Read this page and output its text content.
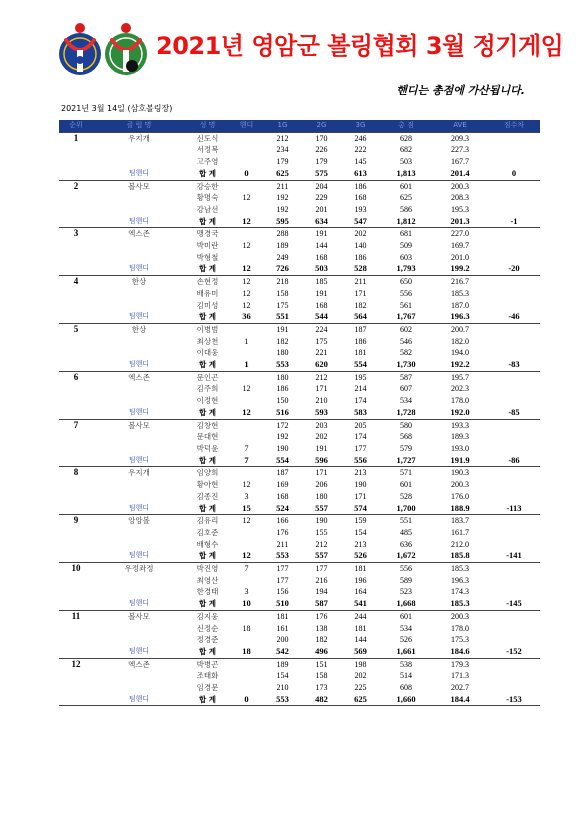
2021년 영암군 볼링협회 3월 정기게임
핸디는 총점에 가산됩니다.
2021년 3월 14일 (삼호볼링장)
순위	클 럽 명	성 명	핸디	1G	2G	3G	총 점	AVE	점수차
1	우지개	신도식		212	170	246	628	209.3	
		서정복		234	226	222	682	227.3	
		고주영		179	179	145	503	167.7	
	팀핸디	합 계	0	625	575	613	1,813	201.4	0
2	볼사모	강승한		211	204	186	601	200.3	
		황명숙	12	192	229	168	625	208.3	
		강남선		192	201	193	586	195.3	
	팀핸디	합 계	12	595	634	547	1,812	201.3	-1
3	엑스존	맹경국		288	191	202	681	227.0	
		박미란	12	189	144	140	509	169.7	
		박형철		249	168	186	603	201.0	
	팀핸디	합 계	12	726	503	528	1,793	199.2	-20
4	한상	손현정	12	218	185	211	650	216.7	
		배유미	12	158	191	171	556	185.3	
		김미성	12	175	168	182	561	187.0	
	팀핸디	합 계	36	551	544	564	1,767	196.3	-46
5	한상	이병범		191	224	187	602	200.7	
		최상천	1	182	175	186	546	182.0	
		이대웅		180	221	181	582	194.0	
	팀핸디	합 계	1	553	620	554	1,730	192.2	-83
6	엑스존	문인곤		180	212	195	587	195.7	
		김주희	12	186	171	214	607	202.3	
		이정현		150	210	174	534	178.0	
	팀핸디	합 계	12	516	593	583	1,728	192.0	-85
7	볼사모	김창현		172	203	205	580	193.3	
		문대현		192	202	174	568	189.3	
		박덕윤	7	190	191	177	579	193.0	
	팀핸디	합 계	7	554	596	556	1,727	191.9	-86
8	우지개	임양희		187	171	213	571	190.3	
		황아현	12	169	206	190	601	200.3	
		김종진	3	168	180	171	528	176.0	
	팀핸디	합 계	15	524	557	574	1,700	188.9	-113
9	앙앙볼	김유리	12	166	190	159	551	183.7	
		김호준		176	155	154	485	161.7	
		배형수		211	212	213	636	212.0	
	팀핸디	합 계	12	553	557	526	1,672	185.8	-141
10	우정좌정	박진영	7	177	177	181	556	185.3	
		최영산		177	216	196	589	196.3	
		한경태	3	156	194	164	523	174.3	
	팀핸디	합 계	10	510	587	541	1,668	185.3	-145
11	볼사모	김지웅		181	176	244	601	200.3	
		신정순	18	161	138	181	534	178.0	
		정경준		200	182	144	526	175.3	
	팀핸디	합 계	18	542	496	569	1,661	184.6	-152
12	엑스존	박병곤		189	151	198	538	179.3	
		조태화		154	158	202	514	171.3	
		임경문		210	173	225	608	202.7	
	팀핸디	합 계	0	553	482	625	1,660	184.4	-153
